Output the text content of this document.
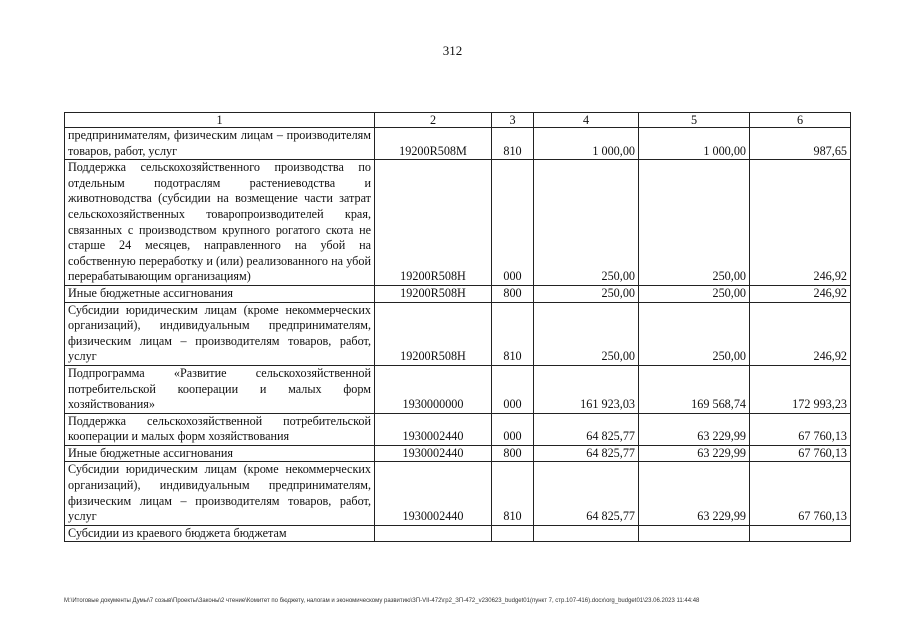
312
1	2	3	4	5	6
предпринимателям, физическим лицам – производителям товаров, работ, услуг	19200R508M	810	1 000,00	1 000,00	987,65
Поддержка сельскохозяйственного производства по отдельным подотраслям растениеводства и животноводства (субсидии на возмещение части затрат сельскохозяйственных товаропроизводителей края, связанных с производством крупного рогатого скота не старше 24 месяцев, направленного на убой на собственную переработку и (или) реализованного на убой перерабатывающим организациям)	19200R508H	000	250,00	250,00	246,92
Иные бюджетные ассигнования	19200R508H	800	250,00	250,00	246,92
Субсидии юридическим лицам (кроме некоммерческих организаций), индивидуальным предпринимателям, физическим лицам – производителям товаров, работ, услуг	19200R508H	810	250,00	250,00	246,92
Подпрограмма «Развитие сельскохозяйственной потребительской кооперации и малых форм хозяйствования»	1930000000	000	161 923,03	169 568,74	172 993,23
Поддержка сельскохозяйственной потребительской кооперации и малых форм хозяйствования	1930002440	000	64 825,77	63 229,99	67 760,13
Иные бюджетные ассигнования	1930002440	800	64 825,77	63 229,99	67 760,13
Субсидии юридическим лицам (кроме некоммерческих организаций), индивидуальным предпринимателям, физическим лицам – производителям товаров, работ, услуг	1930002440	810	64 825,77	63 229,99	67 760,13
Субсидии из краевого бюджета бюджетам					
M:\Итоговые документы Думы\7 созыв\Проекты\Законы\2 чтение\Комитет по бюджету, налогам и экономическому развитию\ЗП-VII-472\гр2_ЗП-472_v230623_budget01(пункт 7, стр.107-416).docx\org_budget01\23.06.2023 11:44:48
